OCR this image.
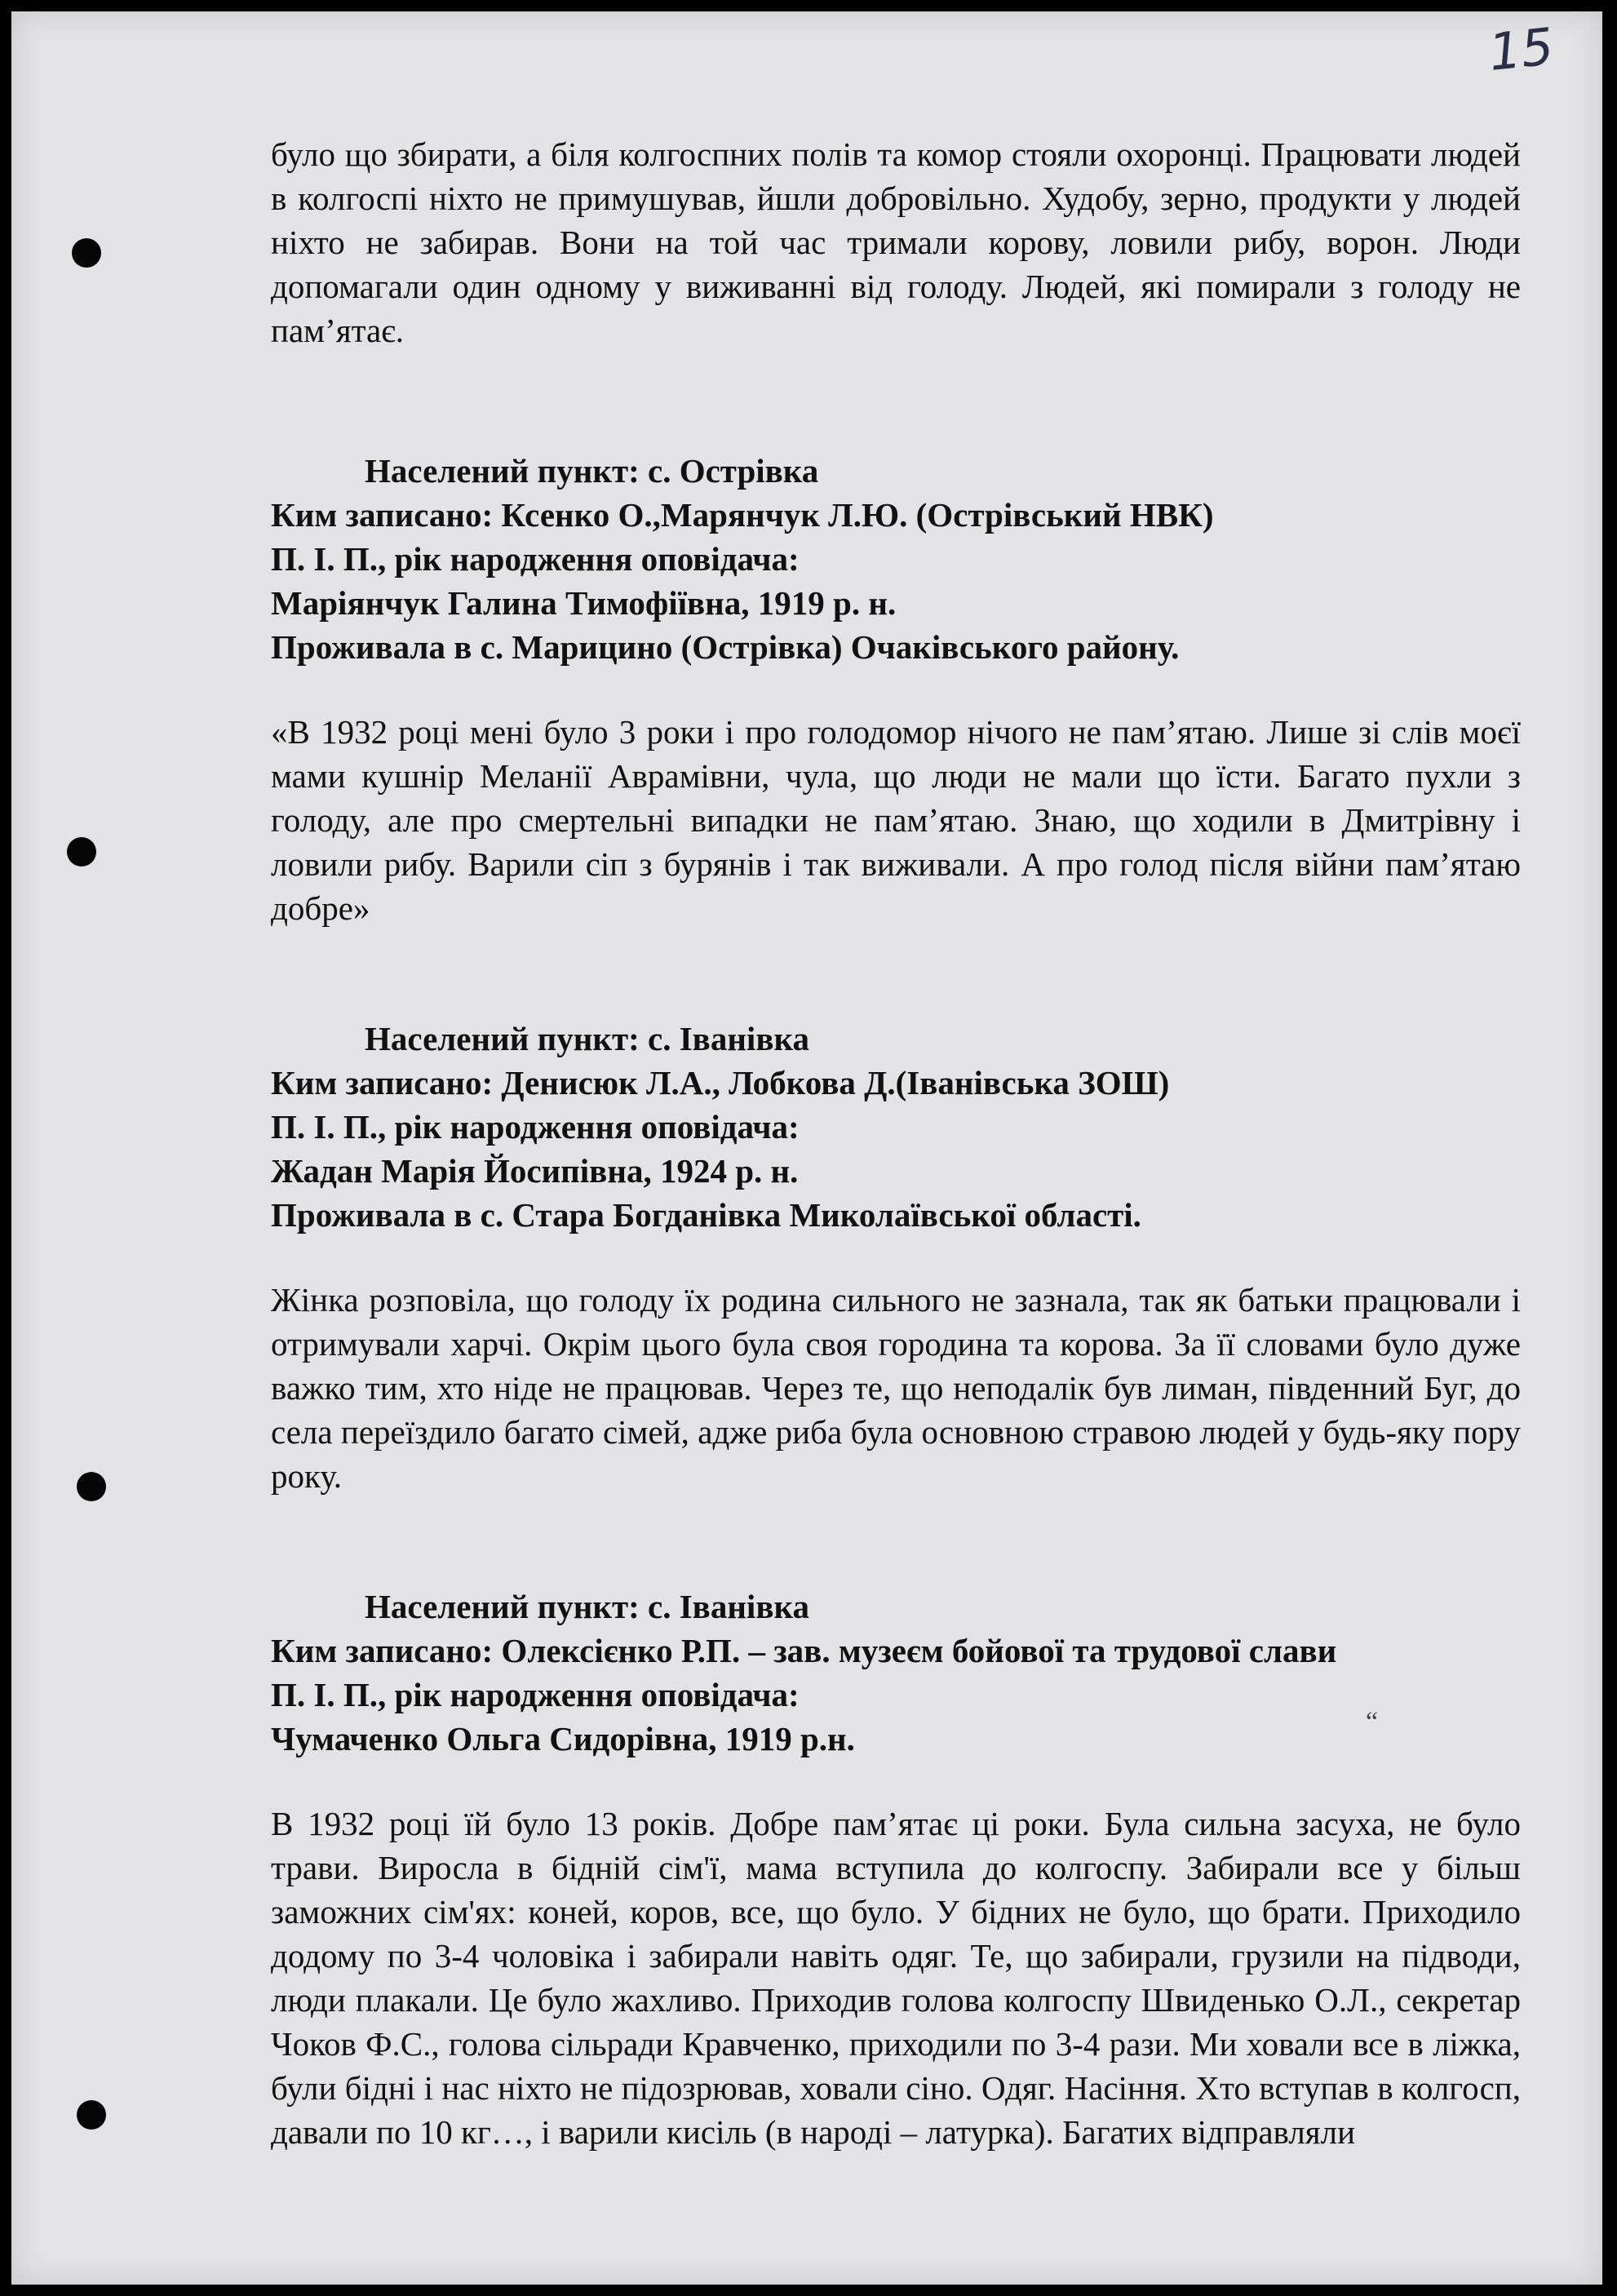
15
“

було що збирати, а біля колгоспних полів та комор стояли охоронці. Працювати людей в колгоспі ніхто не примушував, йшли добровільно. Худобу, зерно, продукти у людей ніхто не забирав. Вони на той час тримали корову, ловили рибу, ворон. Люди допомагали один одному у виживанні від голоду. Людей, які помирали з голоду не пам’ятає.

Населений пункт: с. Острівка

Ким записано: Ксенко О.,Марянчук Л.Ю. (Острівський НВК)

П. І. П., рік народження оповідача:

Маріянчук Галина Тимофіївна, 1919 р. н.

Проживала в с. Марицино (Острівка) Очаківського району.

«В 1932 році мені було 3 роки і про голодомор нічого не пам’ятаю. Лише зі слів моєї мами кушнір Меланії Аврамівни, чула, що люди не мали що їсти. Багато пухли з голоду, але про смертельні випадки не пам’ятаю. Знаю, що ходили в Дмитрівну і ловили рибу. Варили сіп з бурянів і так виживали. А про голод після війни пам’ятаю добре»

Населений пункт: с. Іванівка

Ким записано: Денисюк Л.А., Лобкова Д.(Іванівська ЗОШ)

П. І. П., рік народження оповідача:

Жадан Марія Йосипівна, 1924 р. н.

Проживала в с. Стара Богданівка Миколаївської області.

Жінка розповіла, що голоду їх родина сильного не зазнала, так як батьки працювали і отримували харчі. Окрім цього була своя городина та корова. За її словами було дуже важко тим, хто ніде не працював. Через те, що неподалік був лиман, південний Буг, до села переїздило багато сімей, адже риба була основною стравою людей у будь-яку пору року.

Населений пункт: с. Іванівка

Ким записано: Олексієнко Р.П. – зав. музеєм бойової та трудової слави

П. І. П., рік народження оповідача:

Чумаченко Ольга Сидорівна, 1919 р.н.

В 1932 році їй було 13 років. Добре пам’ятає ці роки. Була сильна засуха, не було трави. Виросла в бідній сім'ї, мама вступила до колгоспу. Забирали все у більш заможних сім'ях: коней, коров, все, що було. У бідних не було, що брати. Приходило додому по 3-4 чоловіка і забирали навіть одяг. Те, що забирали, грузили на підводи, люди плакали. Це було жахливо. Приходив голова колгоспу Швиденько О.Л., секретар Чоков Ф.С., голова сільради Кравченко, приходили по 3-4 рази. Ми ховали все в ліжка, були бідні і нас ніхто не підозрював, ховали сіно. Одяг. Насіння. Хто вступав в колгосп, давали по 10 кг…, і варили кисіль (в народі – латурка). Багатих відправляли
